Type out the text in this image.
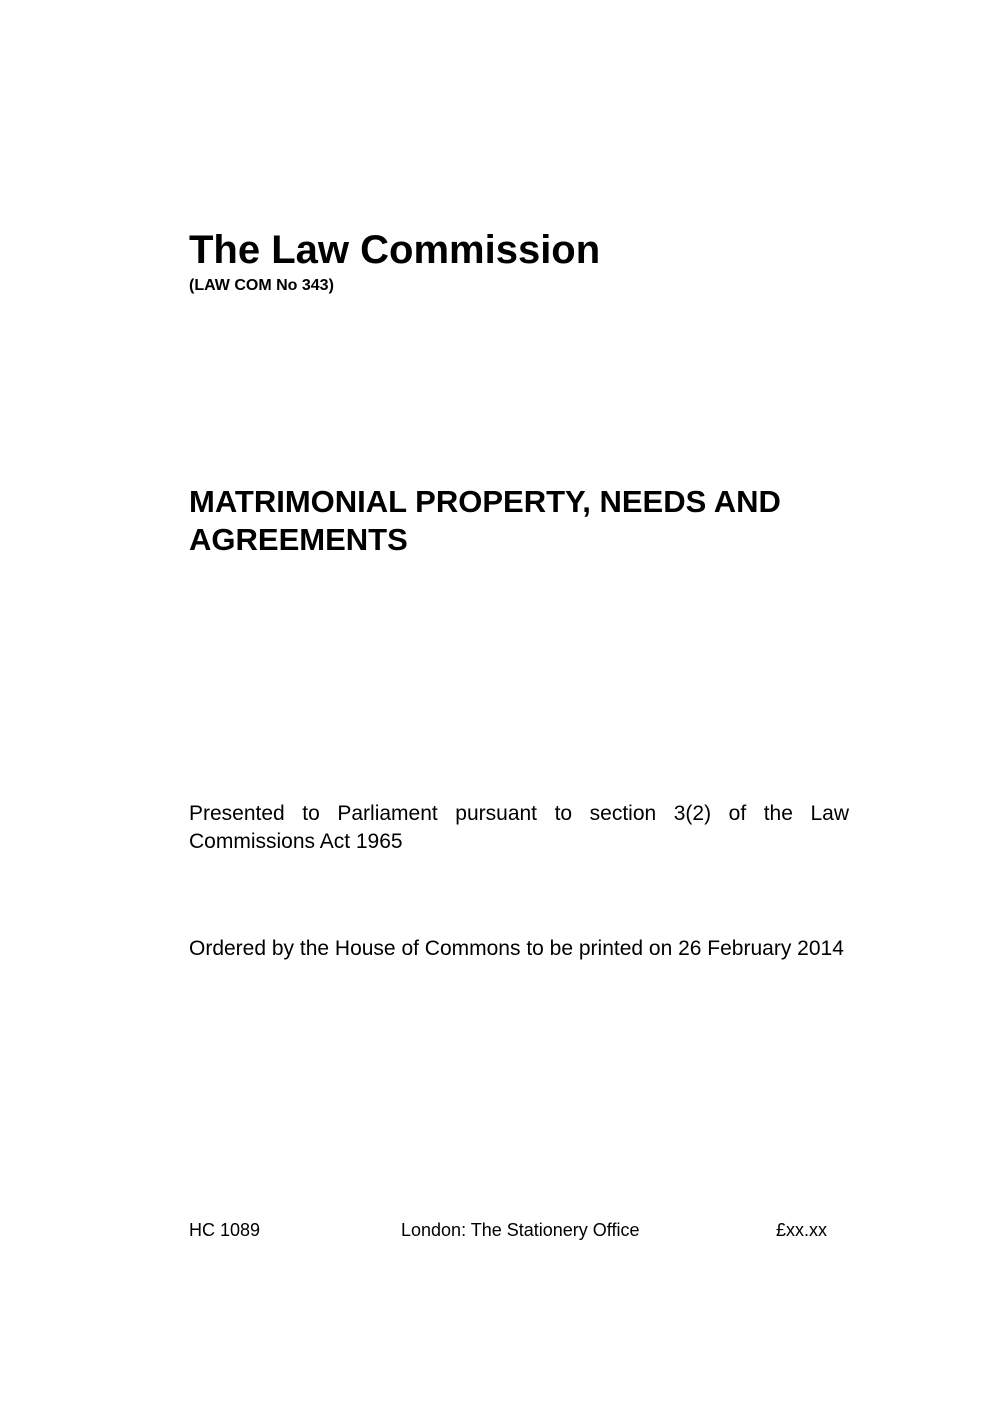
The Law Commission

(LAW COM No 343)

MATRIMONIAL PROPERTY, NEEDS AND AGREEMENTS

Presented to Parliament pursuant to section 3(2) of the Law Commissions Act 1965

Ordered by the House of Commons to be printed on 26 February 2014

HC 1089	London: The Stationery Office	£xx.xx
